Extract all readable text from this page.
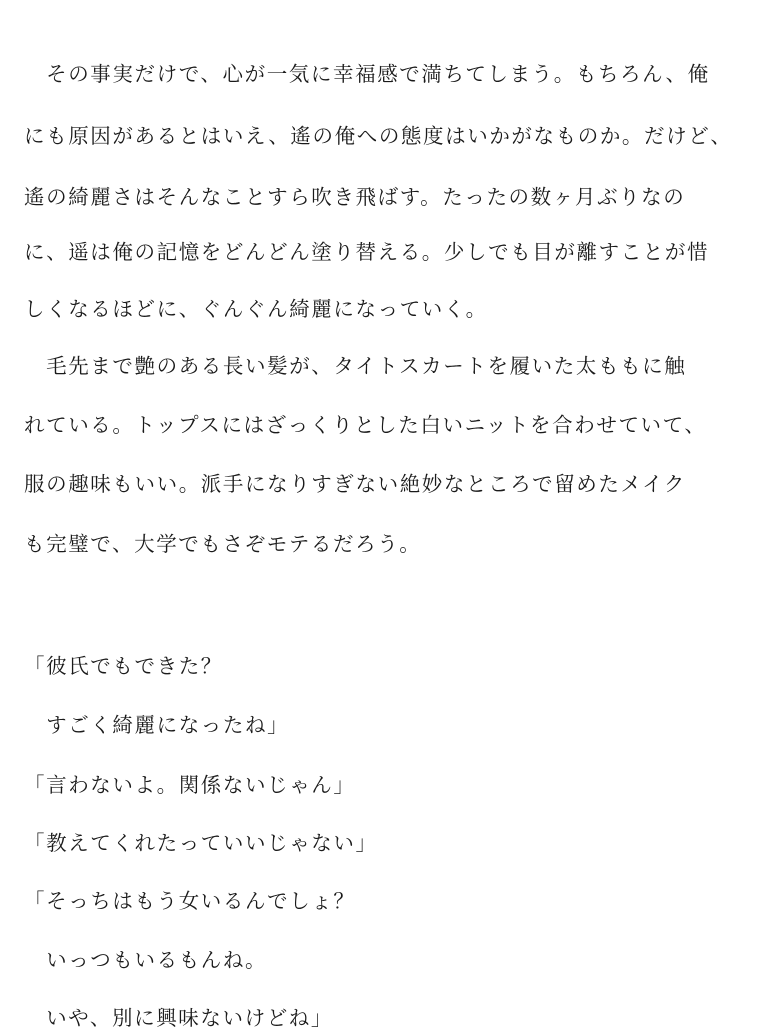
　その事実だけで、心が一気に幸福感で満ちてしまう。もちろん、俺
にも原因があるとはいえ、遙の俺への態度はいかがなものか。だけど、
遙の綺麗さはそんなことすら吹き飛ばす。たったの数ヶ月ぶりなの
に、遥は俺の記憶をどんどん塗り替える。少しでも目が離すことが惜
しくなるほどに、ぐんぐん綺麗になっていく。
　毛先まで艶のある長い髪が、タイトスカートを履いた太ももに触
れている。トップスにはざっくりとした白いニットを合わせていて、
服の趣味もいい。派手になりすぎない絶妙なところで留めたメイク
も完璧で、大学でもさぞモテるだろう。
「彼氏でもできた？
　すごく綺麗になったね」
「言わないよ。関係ないじゃん」
「教えてくれたっていいじゃない」
「そっちはもう女いるんでしょ？
　いっつもいるもんね。
　いや、別に興味ないけどね」
